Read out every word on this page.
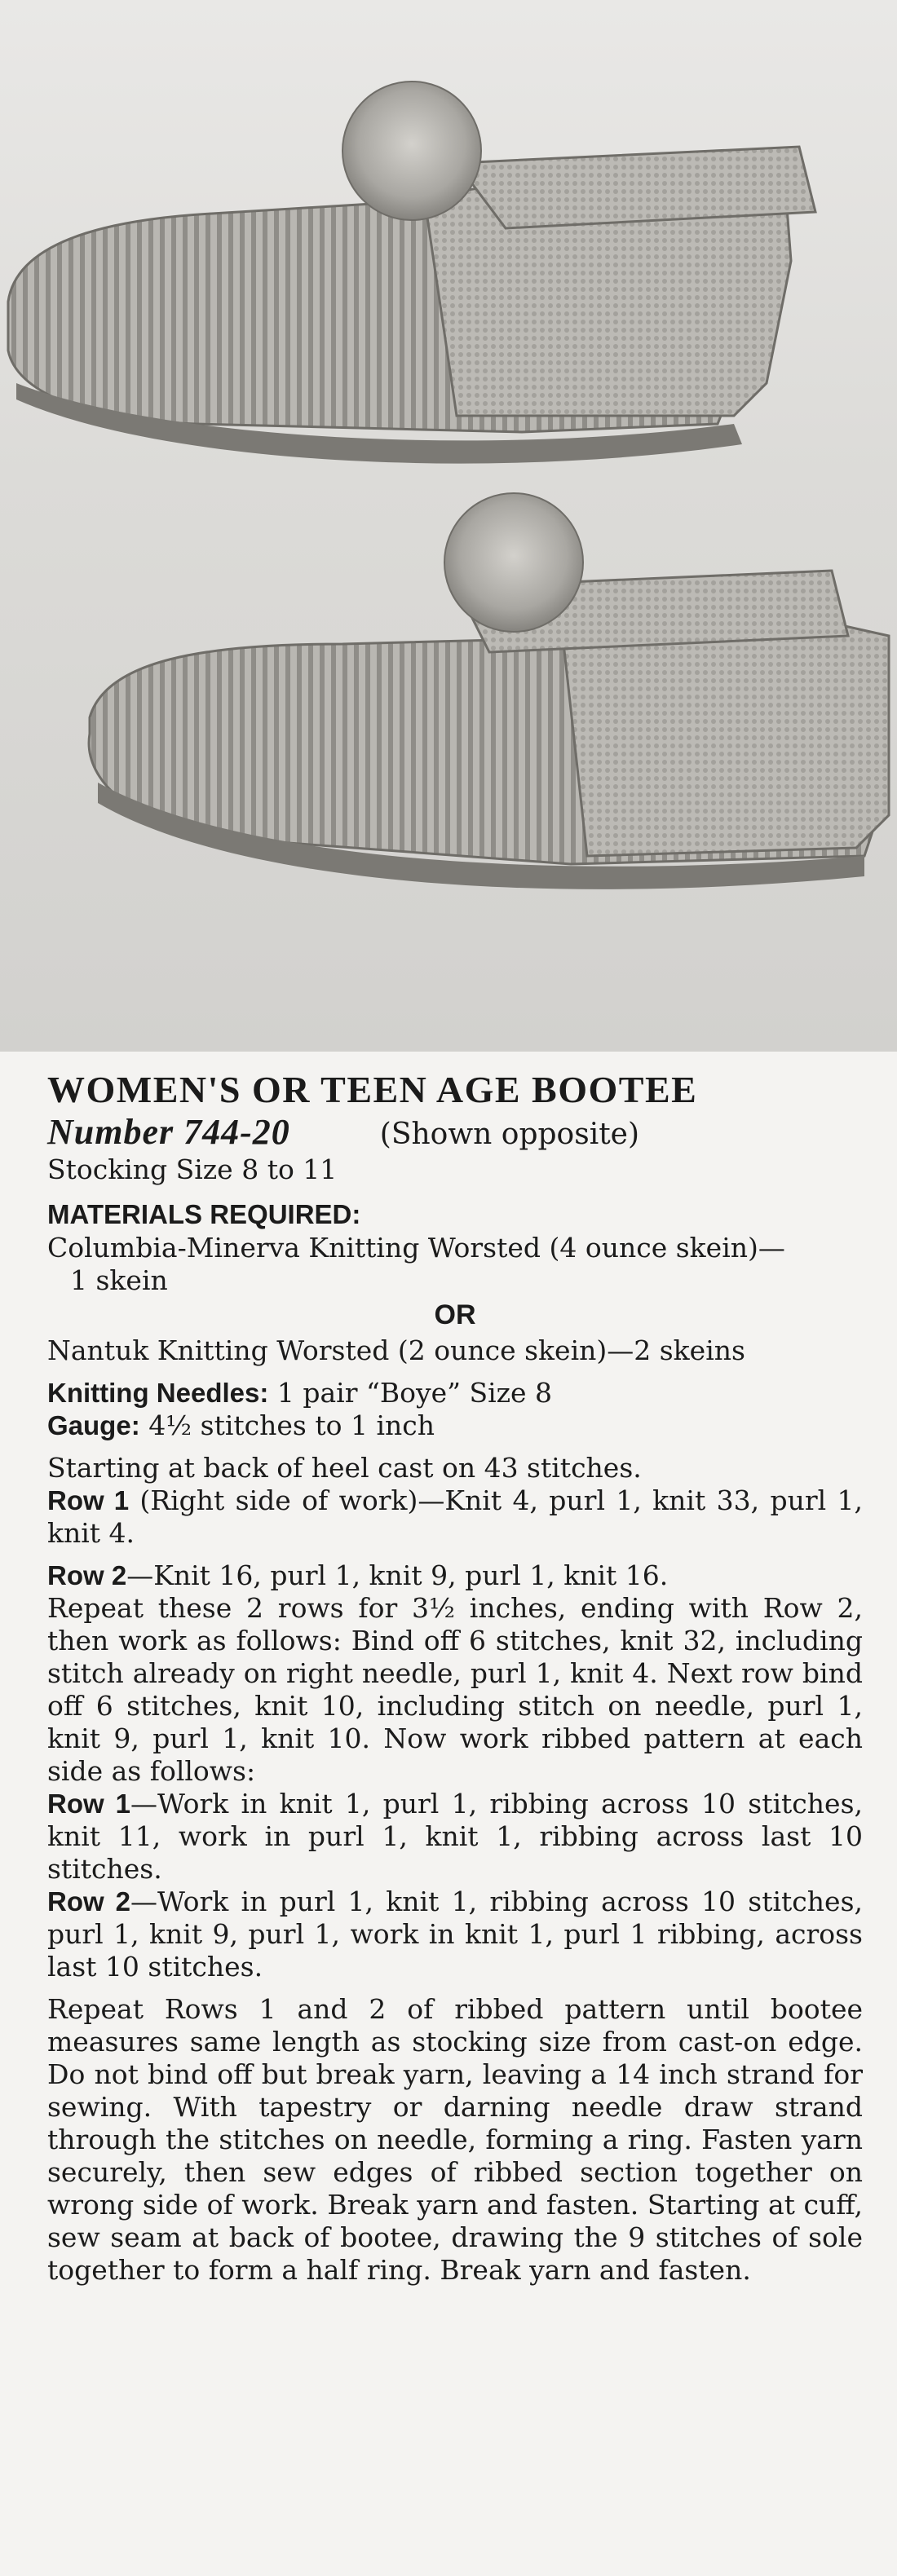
WOMEN'S OR TEEN AGE BOOTEE
Number 744-20	(Shown opposite)

Stocking Size 8 to 11

MATERIALS REQUIRED:

Columbia-Minerva Knitting Worsted (4 ounce skein)—

1 skein

OR

Nantuk Knitting Worsted (2 ounce skein)—2 skeins

Knitting Needles: 1 pair “Boye” Size 8

Gauge: 4½ stitches to 1 inch

Starting at back of heel cast on 43 stitches.

Row 1 (Right side of work)—Knit 4, purl 1, knit 33, purl 1, knit 4.

Row 2—Knit 16, purl 1, knit 9, purl 1, knit 16.

Repeat these 2 rows for 3½ inches, ending with Row 2, then work as follows: Bind off 6 stitches, knit 32, including stitch already on right needle, purl 1, knit 4. Next row bind off 6 stitches, knit 10, including stitch on needle, purl 1, knit 9, purl 1, knit 10. Now work ribbed pattern at each side as follows:

Row 1—Work in knit 1, purl 1, ribbing across 10 stitches, knit 11, work in purl 1, knit 1, ribbing across last 10 stitches.

Row 2—Work in purl 1, knit 1, ribbing across 10 stitches, purl 1, knit 9, purl 1, work in knit 1, purl 1 ribbing, across last 10 stitches.

Repeat Rows 1 and 2 of ribbed pattern until bootee measures same length as stocking size from cast-on edge. Do not bind off but break yarn, leaving a 14 inch strand for sewing. With tapestry or darning needle draw strand through the stitches on needle, forming a ring. Fasten yarn securely, then sew edges of ribbed section together on wrong side of work. Break yarn and fasten. Starting at cuff, sew seam at back of bootee, drawing the 9 stitches of sole together to form a half ring. Break yarn and fasten.
